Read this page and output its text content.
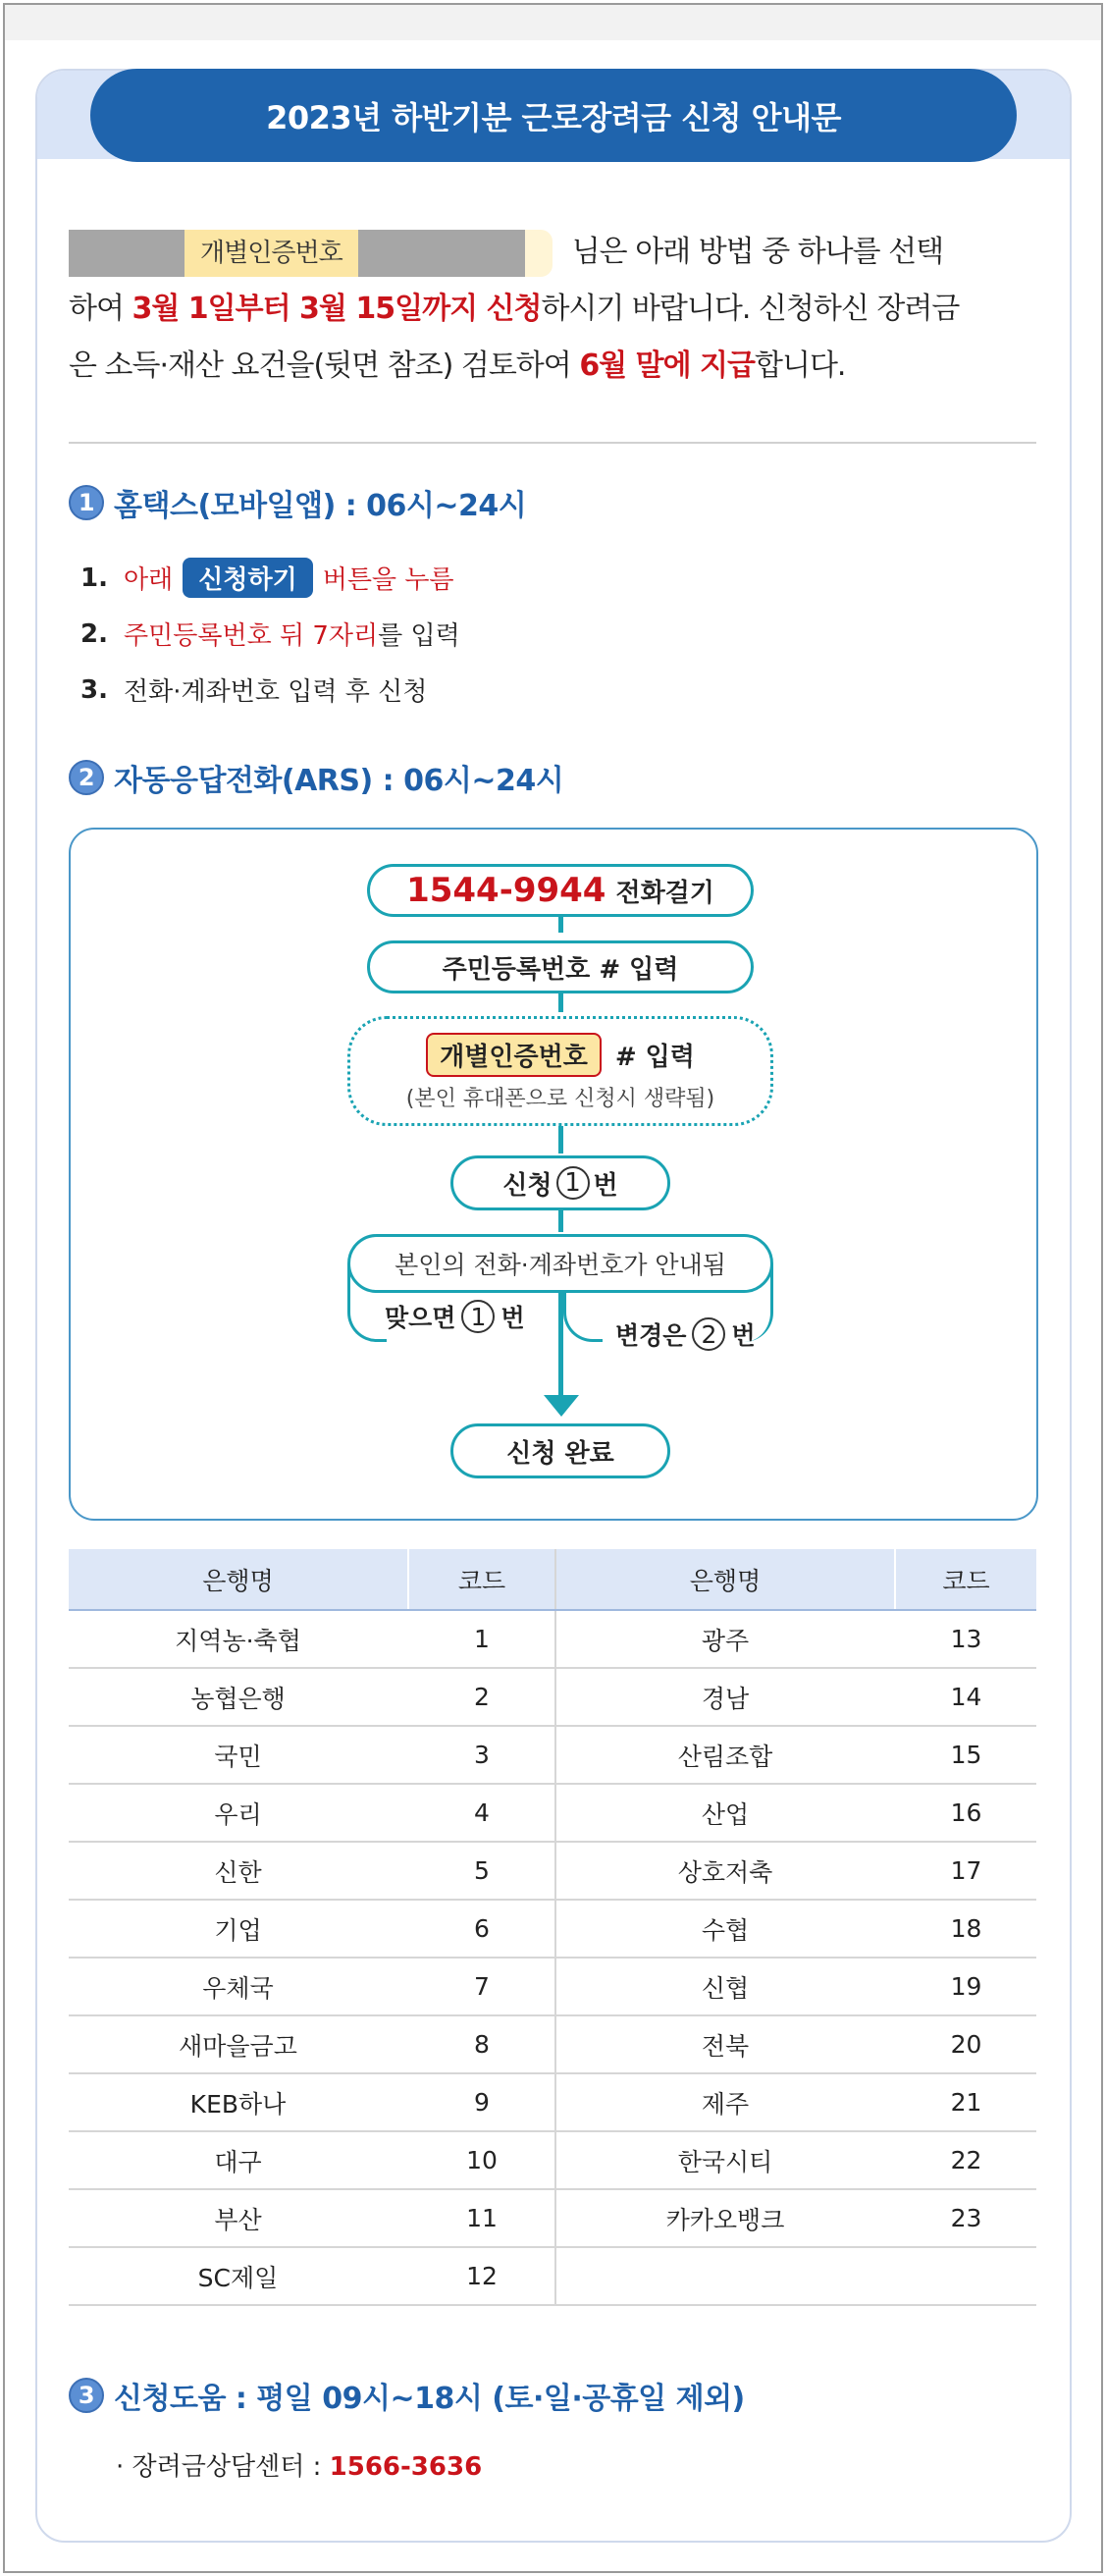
2023년 하반기분 근로장려금 신청 안내문
개별인증번호	님은 아래 방법 중 하나를 선택
하여 3월 1일부터 3월 15일까지 신청하시기 바랍니다. 신청하신 장려금
은 소득·재산 요건을(뒷면 참조) 검토하여 6월 말에 지급합니다.
1 홈택스(모바일앱) : 06시~24시
1. 아래	신청하기	버튼을 누름
2. 주민등록번호 뒤 7자리 를 입력
3. 전화·계좌번호 입력 후 신청
2 자동응답전화(ARS) : 06시~24시
1544-9944 전화걸기
주민등록번호 # 입력
개별인증번호	# 입력
(본인 휴대폰으로 신청시 생략됨)
신청 1 번
본인의 전화·계좌번호가 안내됨
맞으면 1 번
변경은 2 번
신청 완료
은행명	코드	은행명	코드
지역농·축협	1	광주	13
농협은행	2	경남	14
국민	3	산림조합	15
우리	4	산업	16
신한	5	상호저축	17
기업	6	수협	18
우체국	7	신협	19
새마을금고	8	전북	20
KEB하나	9	제주	21
대구	10	한국시티	22
부산	11	카카오뱅크	23
SC제일	12		
3 신청도움 : 평일 09시~18시 (토·일·공휴일 제외)
· 장려금상담센터 : 1566-3636
